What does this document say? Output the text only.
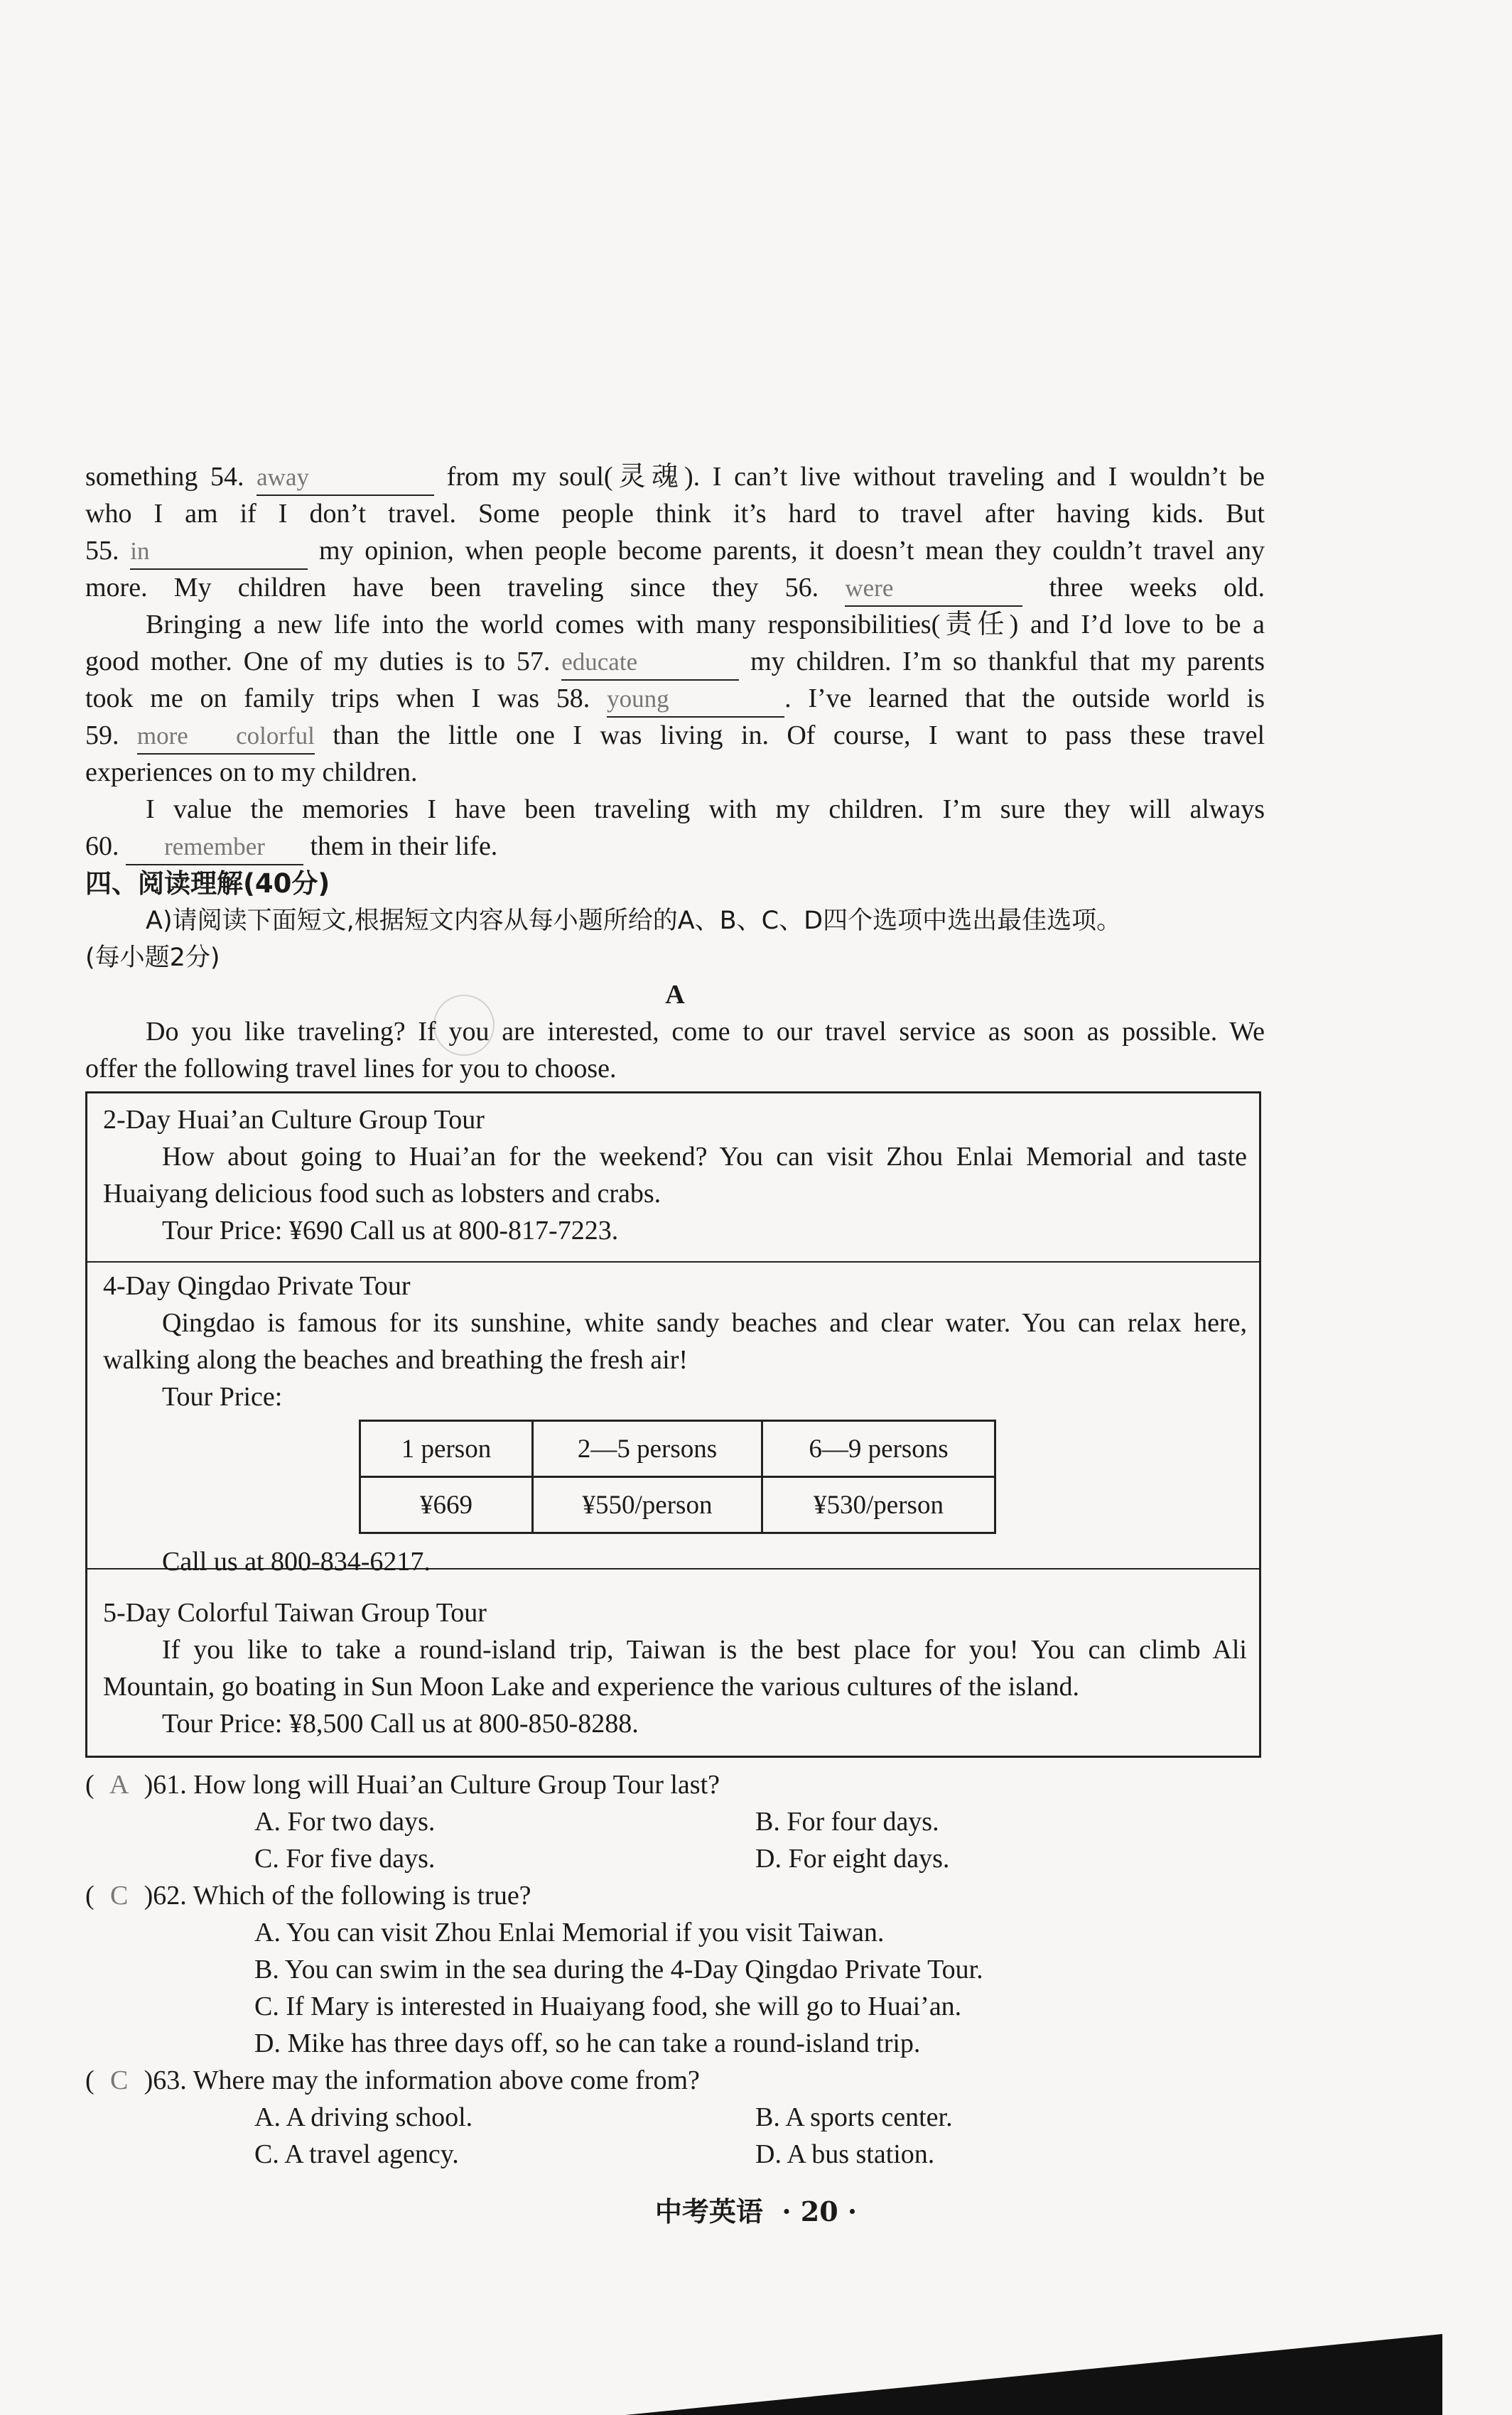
something 54. away	from my soul(灵魂). I can’t live without traveling and I wouldn’t be
who I am if I don’t travel. Some people think it’s hard to travel after having kids. But
55. in	my opinion, when people become parents, it doesn’t mean they couldn’t travel any
more. My children have been traveling since they 56. were	three weeks old.
Bringing a new life into the world comes with many responsibilities(责任) and I’d love to be a
good mother. One of my duties is to 57. educate	my children. I’m so thankful that my parents
took me on family trips when I was 58. young	. I’ve learned that the outside world is
59. more colorful than the little one I was living in. Of course, I want to pass these travel
experiences on to my children.
I value the memories I have been traveling with my children. I’m sure they will always
60. remember them in their life.
四、阅读理解(40分)
A)请阅读下面短文,根据短文内容从每小题所给的A、B、C、D四个选项中选出最佳选项。
(每小题2分)
A
Do you like traveling? If you are interested, come to our travel service as soon as possible. We
offer the following travel lines for you to choose.
2-Day Huai’an Culture Group Tour
How about going to Huai’an for the weekend? You can visit Zhou Enlai Memorial and taste
Huaiyang delicious food such as lobsters and crabs.
Tour Price: ¥690 Call us at 800-817-7223.
4-Day Qingdao Private Tour
Qingdao is famous for its sunshine, white sandy beaches and clear water. You can relax here,
walking along the beaches and breathing the fresh air!
Tour Price:
1 person	2—5 persons	6—9 persons
¥669	¥550/person	¥530/person
Call us at 800-834-6217.
5-Day Colorful Taiwan Group Tour
If you like to take a round-island trip, Taiwan is the best place for you! You can climb Ali
Mountain, go boating in Sun Moon Lake and experience the various cultures of the island.
Tour Price: ¥8,500 Call us at 800-850-8288.
( A )61. How long will Huai’an Culture Group Tour last?
A. For two days.	B. For four days.
C. For five days.	D. For eight days.
( C )62. Which of the following is true?
A. You can visit Zhou Enlai Memorial if you visit Taiwan.
B. You can swim in the sea during the 4-Day Qingdao Private Tour.
C. If Mary is interested in Huaiyang food, she will go to Huai’an.
D. Mike has three days off, so he can take a round-island trip.
( C )63. Where may the information above come from?
A. A driving school.	B. A sports center.
C. A travel agency.	D. A bus station.
中考英语 · 20 ·
